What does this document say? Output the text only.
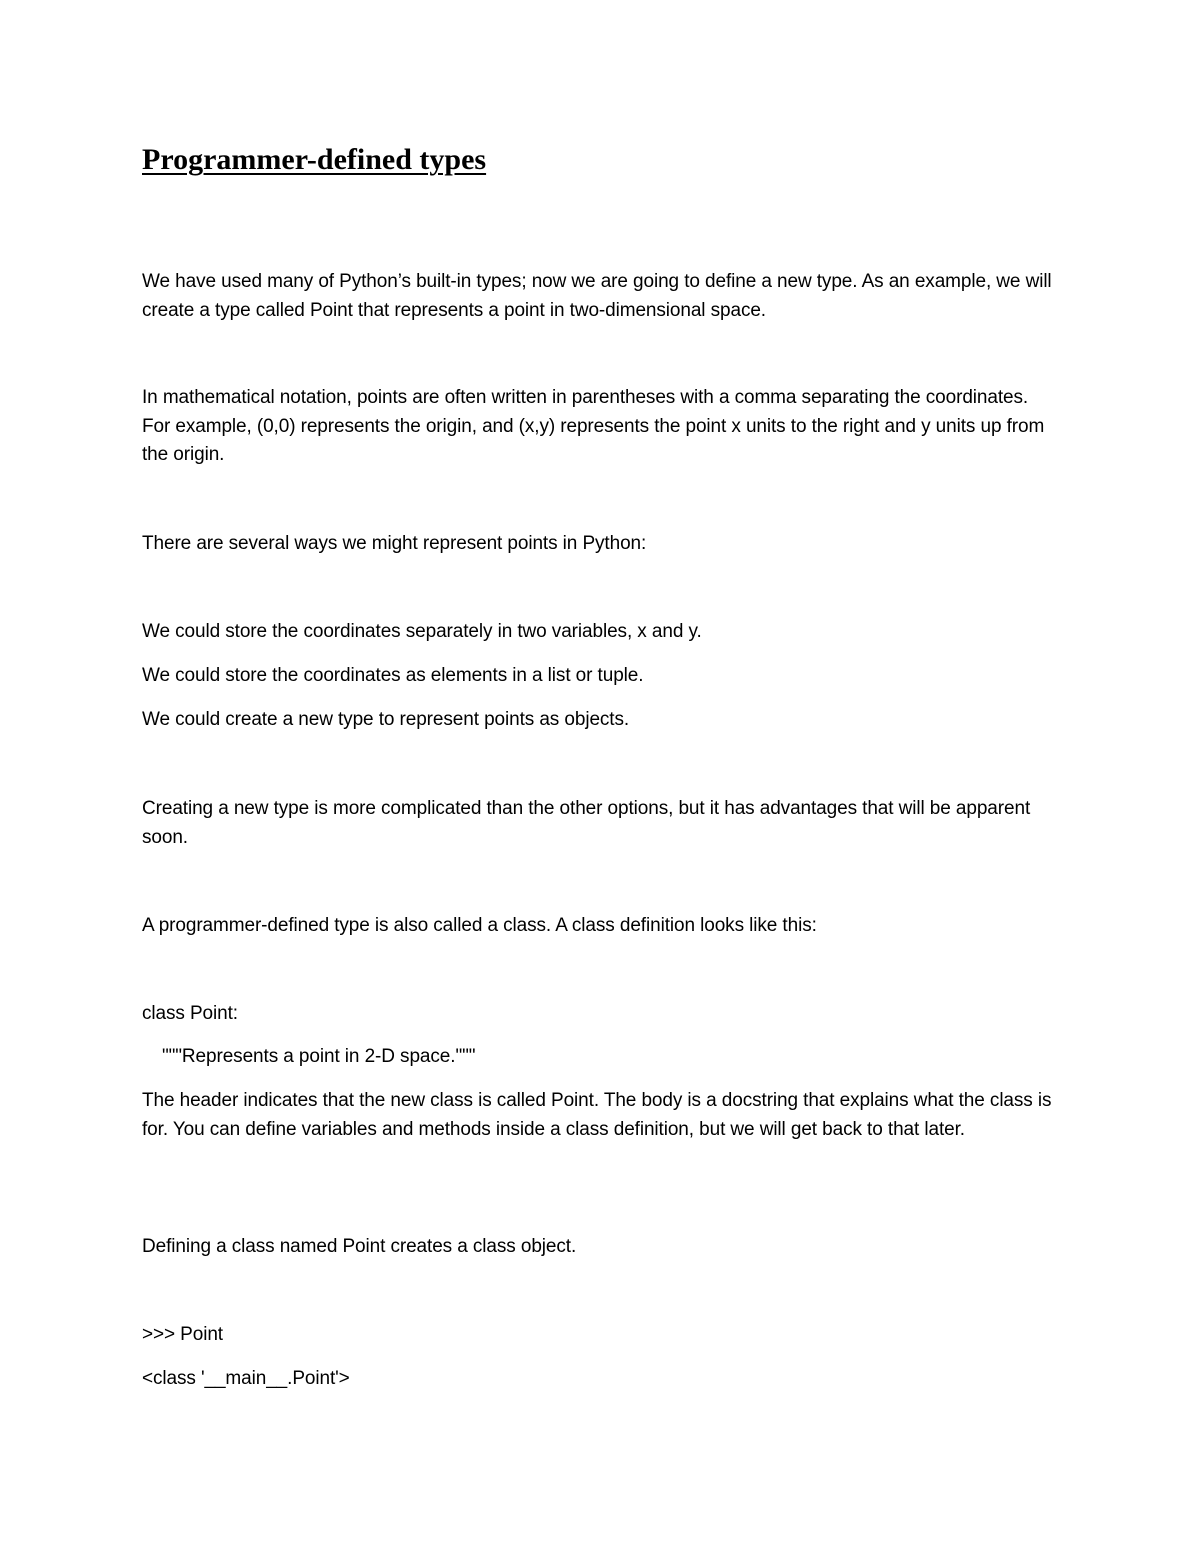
Programmer-defined types

We have used many of Python’s built-in types; now we are going to define a new type. As an example, we will create a type called Point that represents a point in two-dimensional space.

In mathematical notation, points are often written in parentheses with a comma separating the coordinates. For example, (0,0) represents the origin, and (x,y) represents the point x units to the right and y units up from the origin.

There are several ways we might represent points in Python:

We could store the coordinates separately in two variables, x and y.

We could store the coordinates as elements in a list or tuple.

We could create a new type to represent points as objects.

Creating a new type is more complicated than the other options, but it has advantages that will be apparent soon.

A programmer-defined type is also called a class. A class definition looks like this:

class Point:

"""Represents a point in 2-D space."""

The header indicates that the new class is called Point. The body is a docstring that explains what the class is for. You can define variables and methods inside a class definition, but we will get back to that later.

Defining a class named Point creates a class object.

>>> Point

<class '__main__.Point'>
